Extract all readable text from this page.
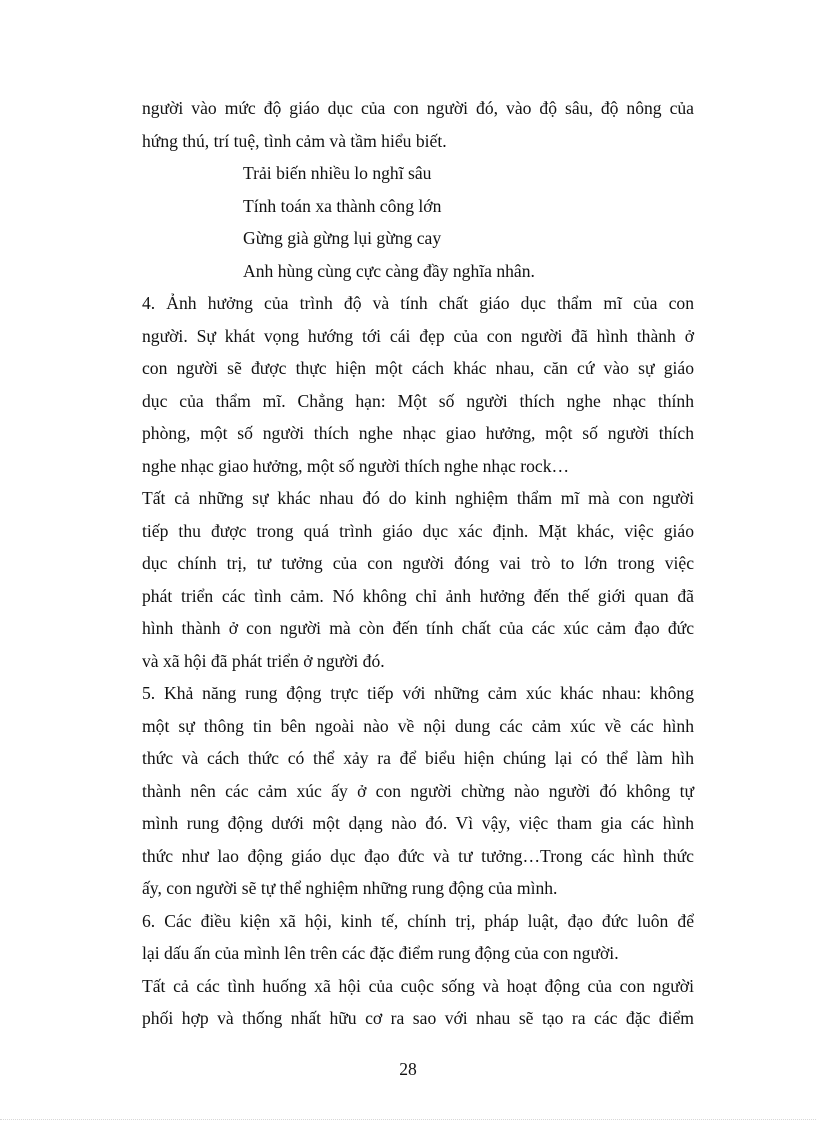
người vào mức độ giáo dục của con người đó, vào độ sâu, độ nông của
hứng thú, trí tuệ, tình cảm và tầm hiểu biết.
Trải biến nhiều lo nghĩ sâu
Tính toán xa thành công lớn
Gừng già gừng lụi gừng cay
Anh hùng cùng cực càng đầy nghĩa nhân.
4. Ảnh hưởng của trình độ và tính chất giáo dục thẩm mĩ của con
người. Sự khát vọng hướng tới cái đẹp của con người đã hình thành ở
con người sẽ được thực hiện một cách khác nhau, căn cứ vào sự giáo
dục của thẩm mĩ. Chẳng hạn: Một số người thích nghe nhạc thính
phòng, một số người thích nghe nhạc giao hưởng, một số người thích
nghe nhạc giao hưởng, một số người thích nghe nhạc rock…
Tất cả những sự khác nhau đó do kinh nghiệm thẩm mĩ mà con người
tiếp thu được trong quá trình giáo dục xác định. Mặt khác, việc giáo
dục chính trị, tư tưởng của con người đóng vai trò to lớn trong việc
phát triển các tình cảm. Nó không chỉ ảnh hưởng đến thế giới quan đã
hình thành ở con người mà còn đến tính chất của các xúc cảm đạo đức
và xã hội đã phát triển ở người đó.
5. Khả năng rung động trực tiếp với những cảm xúc khác nhau: không
một sự thông tin bên ngoài nào về nội dung các cảm xúc về các hình
thức và cách thức có thể xảy ra để biểu hiện chúng lại có thể làm hìh
thành nên các cảm xúc ấy ở con người chừng nào người đó không tự
mình rung động dưới một dạng nào đó. Vì vậy, việc tham gia các hình
thức như lao động giáo dục đạo đức và tư tưởng…Trong các hình thức
ấy, con người sẽ tự thể nghiệm những rung động của mình.
6. Các điều kiện xã hội, kinh tế, chính trị, pháp luật, đạo đức luôn để
lại dấu ấn của mình lên trên các đặc điểm rung động của con người.
Tất cả các tình huống xã hội của cuộc sống và hoạt động của con người
phối hợp và thống nhất hữu cơ ra sao với nhau sẽ tạo ra các đặc điểm
28
